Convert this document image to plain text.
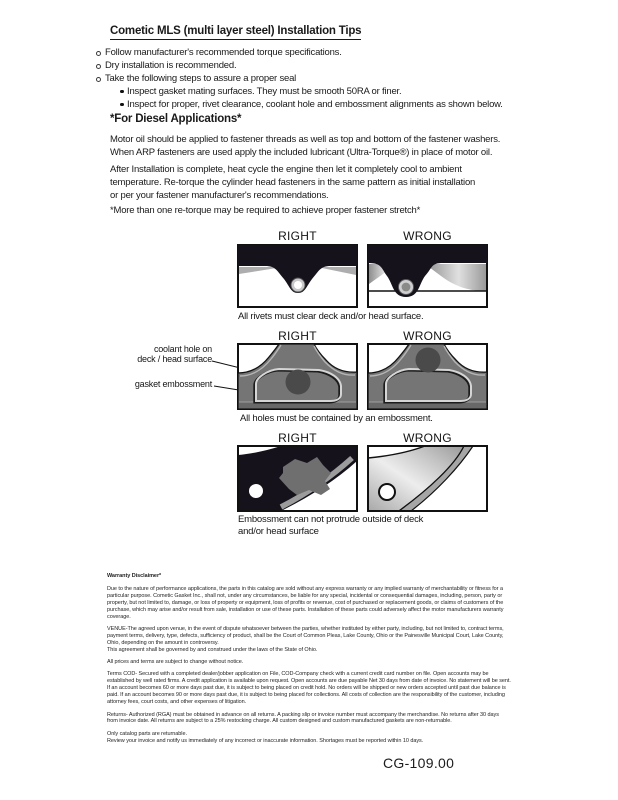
Cometic MLS (multi layer steel) Installation Tips
Follow manufacturer's recommended torque specifications.
Dry installation is recommended.
Take the following steps to assure a proper seal
Inspect gasket mating surfaces. They must be smooth 50RA or finer.
Inspect for proper, rivet clearance, coolant hole and embossment alignments as shown below.
*For Diesel Applications*
Motor oil should be applied to fastener threads as well as top and bottom of the fastener washers.
When ARP fasteners are used apply the included lubricant (Ultra-Torque®) in place of motor oil.
After Installation is complete, heat cycle the engine then let it completely cool to ambient
temperature. Re-torque the cylinder head fasteners in the same pattern as initial installation
or per your fastener manufacturer's recommendations.
*More than one re-torque may be required to achieve proper fastener stretch*
RIGHT	WRONG
All rivets must clear deck and/or head surface.
RIGHT	WRONG
coolant hole on
deck / head surface
gasket embossment
All holes must be contained by an embossment.
RIGHT	WRONG
Embossment can not protrude outside of deck
and/or head surface

Warranty Disclaimer*

Due to the nature of performance applications, the parts in this catalog are sold without any express warranty or any implied warranty of merchantability or fitness for a particular purpose. Cometic Gasket Inc., shall not, under any circumstances, be liable for any special, incidental or consequential damages, including, person, party or property, but not limited to, damage, or loss of property or equipment, loss of profits or revenue, cost of purchased or replacement goods, or claims of customers of the purchase, which may arise and/or result from sale, installation or use of these parts. Installation of these parts could adversely affect the motor manufacturers warranty coverage.

VENUE-The agreed upon venue, in the event of dispute whatsoever between the parties, whether instituted by either party, including, but not limited to, contract terms, payment terms, delivery, type, defects, sufficiency of product, shall be the Court of Common Pleas, Lake County, Ohio or the Painesville Municipal Court, Lake County, Ohio, depending on the amount in controversy.
This agreement shall be governed by and construed under the laws of the State of Ohio.

All prices and terms are subject to change without notice.

Terms COD- Secured with a completed dealer/jobber application on File, COD-Company check with a current credit card number on file. Open accounts may be established by well rated firms. A credit application is available upon request. Open accounts are due payable Net 30 days from date of invoice. No statement will be sent. If an account becomes 60 or more days past due, it is subject to being placed on credit hold. No orders will be shipped or new orders accepted until past due balance is paid. If an account becomes 90 or more days past due, it is subject to being placed for collections. All costs of collection are the responsibility of the customer, including attorney fees, court costs, and other expenses of litigation.

Returns- Authorized (RGA) must be obtained in advance on all returns. A packing slip or invoice number must accompany the merchandise. No returns after 30 days from invoice date. All returns are subject to a 25% restocking charge. All custom designed and custom manufactured gaskets are non-returnable.

Only catalog parts are returnable.
Review your invoice and notify us immediately of any incorrect or inaccurate information. Shortages must be reported within 10 days.

CG-109.00
